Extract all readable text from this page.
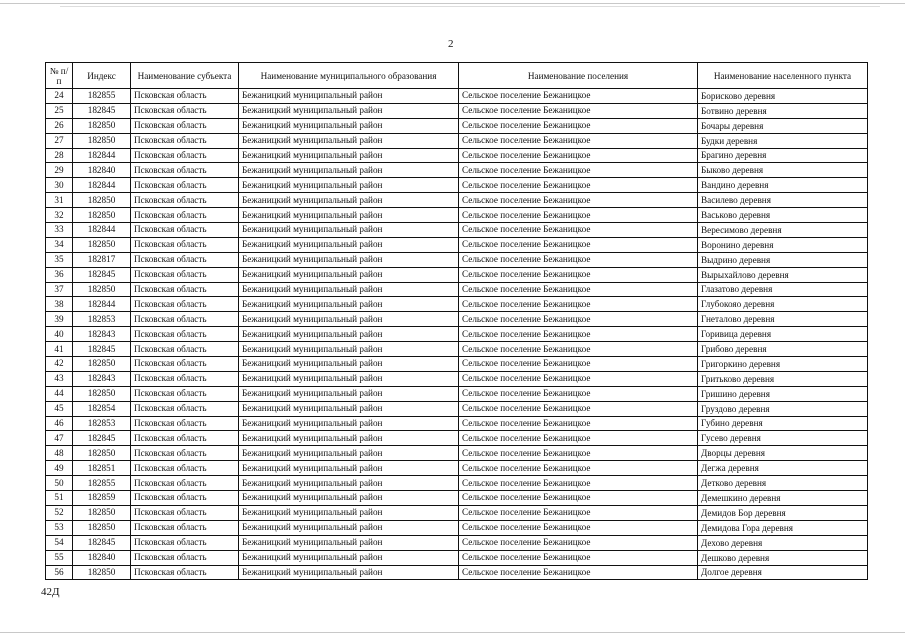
2
№ п/п	Индекс	Наименование субъекта	Наименование муниципального образования	Наименование поселения	Наименование населенного пункта
24	182855	Псковская область	Бежаницкий муниципальный район	Сельское поселение Бежаницкое	Борисково деревня
25	182845	Псковская область	Бежаницкий муниципальный район	Сельское поселение Бежаницкое	Ботвино деревня
26	182850	Псковская область	Бежаницкий муниципальный район	Сельское поселение Бежаницкое	Бочары деревня
27	182850	Псковская область	Бежаницкий муниципальный район	Сельское поселение Бежаницкое	Будки деревня
28	182844	Псковская область	Бежаницкий муниципальный район	Сельское поселение Бежаницкое	Брагино деревня
29	182840	Псковская область	Бежаницкий муниципальный район	Сельское поселение Бежаницкое	Быково деревня
30	182844	Псковская область	Бежаницкий муниципальный район	Сельское поселение Бежаницкое	Вандино деревня
31	182850	Псковская область	Бежаницкий муниципальный район	Сельское поселение Бежаницкое	Василево деревня
32	182850	Псковская область	Бежаницкий муниципальный район	Сельское поселение Бежаницкое	Васьково деревня
33	182844	Псковская область	Бежаницкий муниципальный район	Сельское поселение Бежаницкое	Вересимово деревня
34	182850	Псковская область	Бежаницкий муниципальный район	Сельское поселение Бежаницкое	Воронино деревня
35	182817	Псковская область	Бежаницкий муниципальный район	Сельское поселение Бежаницкое	Выдрино деревня
36	182845	Псковская область	Бежаницкий муниципальный район	Сельское поселение Бежаницкое	Вырыхайлово деревня
37	182850	Псковская область	Бежаницкий муниципальный район	Сельское поселение Бежаницкое	Глазатово деревня
38	182844	Псковская область	Бежаницкий муниципальный район	Сельское поселение Бежаницкое	Глубокояо деревня
39	182853	Псковская область	Бежаницкий муниципальный район	Сельское поселение Бежаницкое	Гнеталово деревня
40	182843	Псковская область	Бежаницкий муниципальный район	Сельское поселение Бежаницкое	Горивица деревня
41	182845	Псковская область	Бежаницкий муниципальный район	Сельское поселение Бежаницкое	Грибово деревня
42	182850	Псковская область	Бежаницкий муниципальный район	Сельское поселение Бежаницкое	Григоркино деревня
43	182843	Псковская область	Бежаницкий муниципальный район	Сельское поселение Бежаницкое	Гритьково деревня
44	182850	Псковская область	Бежаницкий муниципальный район	Сельское поселение Бежаницкое	Гришино деревня
45	182854	Псковская область	Бежаницкий муниципальный район	Сельское поселение Бежаницкое	Груздово деревня
46	182853	Псковская область	Бежаницкий муниципальный район	Сельское поселение Бежаницкое	Губино деревня
47	182845	Псковская область	Бежаницкий муниципальный район	Сельское поселение Бежаницкое	Гусево деревня
48	182850	Псковская область	Бежаницкий муниципальный район	Сельское поселение Бежаницкое	Дворцы деревня
49	182851	Псковская область	Бежаницкий муниципальный район	Сельское поселение Бежаницкое	Дегжа деревня
50	182855	Псковская область	Бежаницкий муниципальный район	Сельское поселение Бежаницкое	Детково деревня
51	182859	Псковская область	Бежаницкий муниципальный район	Сельское поселение Бежаницкое	Демешкино деревня
52	182850	Псковская область	Бежаницкий муниципальный район	Сельское поселение Бежаницкое	Демидов Бор деревня
53	182850	Псковская область	Бежаницкий муниципальный район	Сельское поселение Бежаницкое	Демидова Гора деревня
54	182845	Псковская область	Бежаницкий муниципальный район	Сельское поселение Бежаницкое	Дехово деревня
55	182840	Псковская область	Бежаницкий муниципальный район	Сельское поселение Бежаницкое	Дешково деревня
56	182850	Псковская область	Бежаницкий муниципальный район	Сельское поселение Бежаницкое	Долгое деревня
42Д
